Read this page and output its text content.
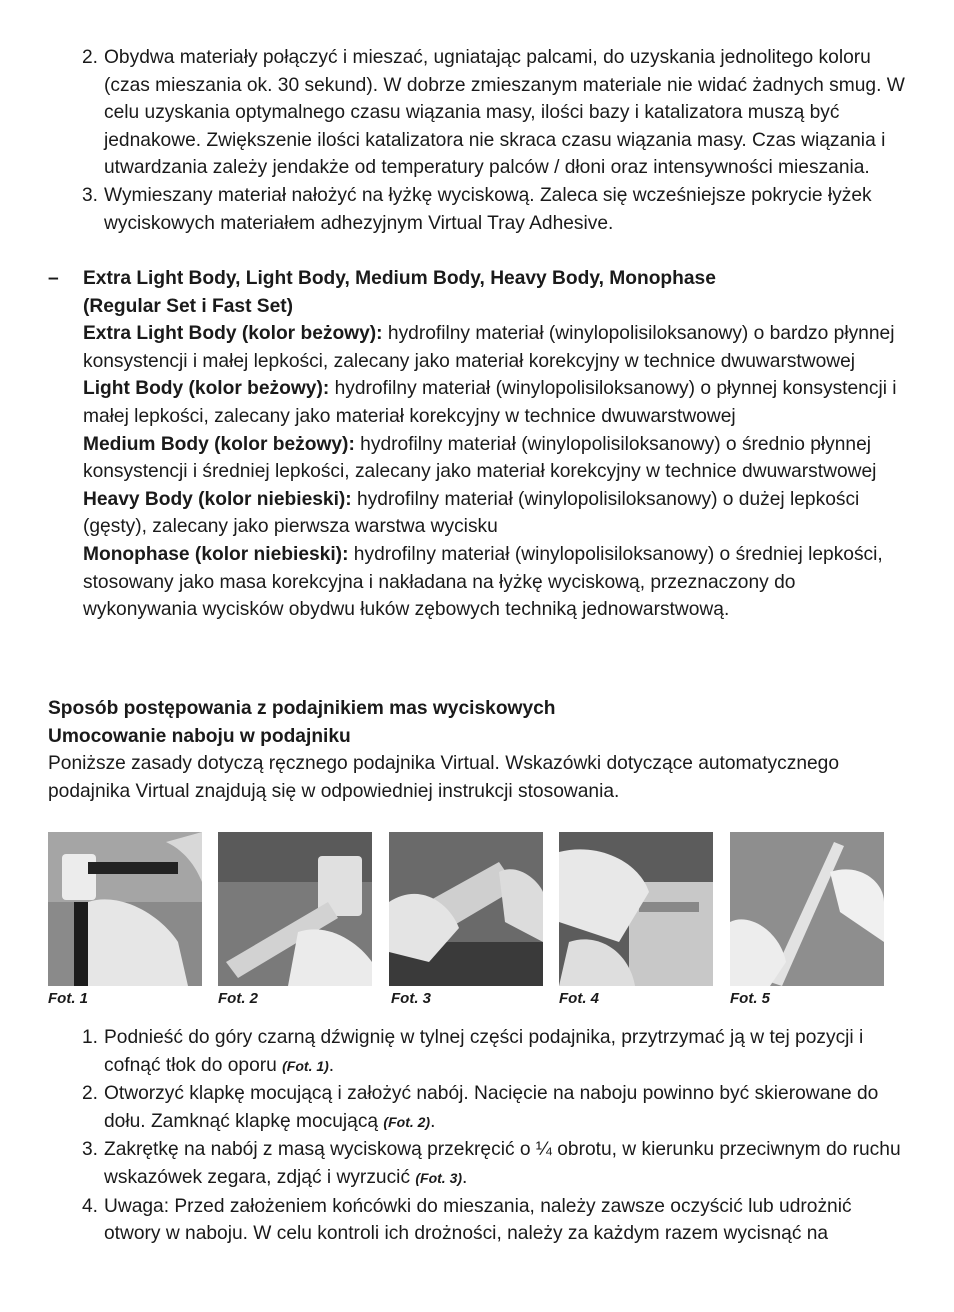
2. Obydwa materiały połączyć i mieszać, ugniatając palcami, do uzyskania jednolitego koloru (czas mieszania ok. 30 sekund). W dobrze zmieszanym materiale nie widać żadnych smug. W celu uzyskania optymalnego czasu wiązania masy, ilości bazy i katalizatora muszą być jednakowe. Zwiększenie ilości katalizatora nie skraca czasu wiązania masy. Czas wiązania i utwardzania zależy jendakże od temperatury palców / dłoni oraz intensywności mieszania.
3. Wymieszany materiał nałożyć na łyżkę wyciskową. Zaleca się wcześniejsze pokrycie łyżek wyciskowych materiałem adhezyjnym Virtual Tray Adhesive.
– Extra Light Body, Light Body, Medium Body, Heavy Body, Monophase
(Regular Set i Fast Set)
Extra Light Body (kolor beżowy): hydrofilny materiał (winylopolisiloksanowy) o bardzo płynnej konsystencji i małej lepkości, zalecany jako materiał korekcyjny w technice dwuwarstwowej
Light Body (kolor beżowy): hydrofilny materiał (winylopolisiloksanowy) o płynnej konsystencji i małej lepkości, zalecany jako materiał korekcyjny w technice dwuwarstwowej
Medium Body (kolor beżowy): hydrofilny materiał (winylopolisiloksanowy) o średnio płynnej konsystencji i średniej lepkości, zalecany jako materiał korekcyjny w technice dwuwarstwowej
Heavy Body (kolor niebieski): hydrofilny materiał (winylopolisiloksanowy) o dużej lepkości (gęsty), zalecany jako pierwsza warstwa wycisku
Monophase (kolor niebieski): hydrofilny materiał (winylopolisiloksanowy) o średniej lepkości, stosowany jako masa korekcyjna i nakładana na łyżkę wyciskową, przeznaczony do wykonywania wycisków obydwu łuków zębowych techniką jednowarstwową.
Sposób postępowania z podajnikiem mas wyciskowych
Umocowanie naboju w podajniku
Poniższe zasady dotyczą ręcznego podajnika Virtual. Wskazówki dotyczące automatycznego podajnika Virtual znajdują się w odpowiedniej instrukcji stosowania.
Fot. 1	Fot. 2	Fot. 3	Fot. 4	Fot. 5
1. Podnieść do góry czarną dźwignię w tylnej części podajnika, przytrzymać ją w tej pozycji i cofnąć tłok do oporu (Fot. 1).
2. Otworzyć klapkę mocującą i założyć nabój. Nacięcie na naboju powinno być skierowane do dołu. Zamknąć klapkę mocującą (Fot. 2).
3. Zakrętkę na nabój z masą wyciskową przekręcić o ¼ obrotu, w kierunku przeciwnym do ruchu wskazówek zegara, zdjąć i wyrzucić (Fot. 3).
4. Uwaga: Przed założeniem końcówki do mieszania, należy zawsze oczyścić lub udrożnić otwory w naboju. W celu kontroli ich drożności, należy za każdym razem wycisnąć na
